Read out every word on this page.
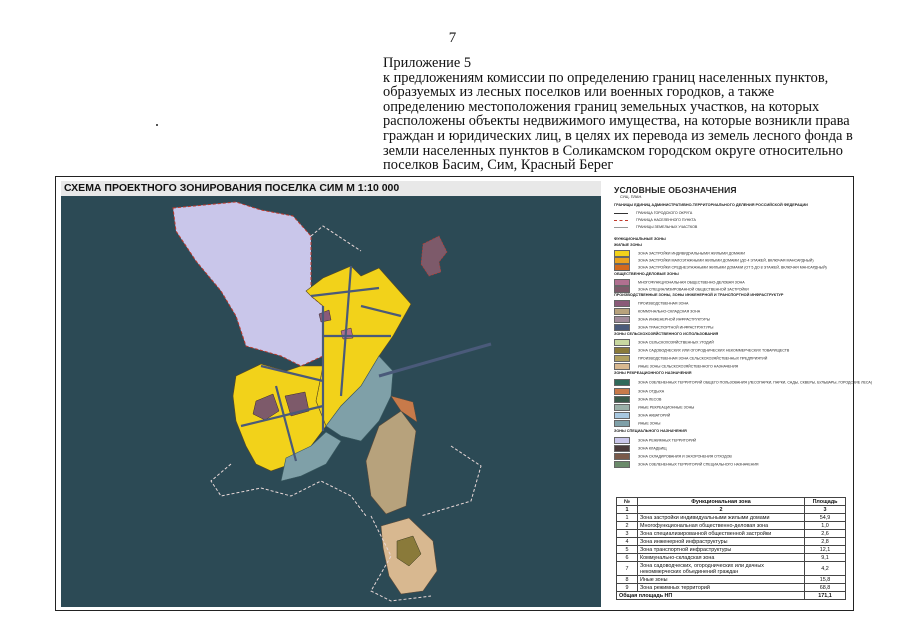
7
Приложение 5
к предложениям комиссии по определению границ населенных пунктов, образуемых из лесных поселков или военных городков, а также определению местоположения границ земельных участков, на которых расположены объекты недвижимого имущества, на которые возникли права граждан и юридических лиц, в целях их перевода из земель лесного фонда в земли населенных пунктов в Соликамском городском округе относительно поселков Басим, Сим, Красный Берег
СХЕМА ПРОЕКТНОГО ЗОНИРОВАНИЯ ПОСЕЛКА СИМ М 1:10 000	УСЛОВНЫЕ ОБОЗНАЧЕНИЯ
СУЩ. ПЛАН.
ГРАНИЦЫ ЕДИНИЦ АДМИНИСТРАТИВНО-ТЕРРИТОРИАЛЬНОГО ДЕЛЕНИЯ РОССИЙСКОЙ ФЕДЕРАЦИИ
ГРАНИЦА ГОРОДСКОГО ОКРУГА
ГРАНИЦА НАСЕЛЕННОГО ПУНКТА
ГРАНИЦЫ ЗЕМЕЛЬНЫХ УЧАСТКОВ
ФУНКЦИОНАЛЬНЫЕ ЗОНЫ
ЖИЛЫЕ ЗОНЫ
ЗОНА ЗАСТРОЙКИ ИНДИВИДУАЛЬНЫМИ ЖИЛЫМИ ДОМАМИ
ЗОНА ЗАСТРОЙКИ МАЛОЭТАЖНЫМИ ЖИЛЫМИ ДОМАМИ (ДО 4 ЭТАЖЕЙ, ВКЛЮЧАЯ МАНСАРДНЫЙ)
ЗОНА ЗАСТРОЙКИ СРЕДНЕЭТАЖНЫМИ ЖИЛЫМИ ДОМАМИ (ОТ 5 ДО 8 ЭТАЖЕЙ, ВКЛЮЧАЯ МАНСАРДНЫЙ)
ОБЩЕСТВЕННО-ДЕЛОВЫЕ ЗОНЫ
МНОГОФУНКЦИОНАЛЬНАЯ ОБЩЕСТВЕННО-ДЕЛОВАЯ ЗОНА
ЗОНА СПЕЦИАЛИЗИРОВАННОЙ ОБЩЕСТВЕННОЙ ЗАСТРОЙКИ
ПРОИЗВОДСТВЕННЫЕ ЗОНЫ, ЗОНЫ ИНЖЕНЕРНОЙ И ТРАНСПОРТНОЙ ИНФРАСТРУКТУР
ПРОИЗВОДСТВЕННАЯ ЗОНА
КОММУНАЛЬНО-СКЛАДСКАЯ ЗОНА
ЗОНА ИНЖЕНЕРНОЙ ИНФРАСТРУКТУРЫ
ЗОНА ТРАНСПОРТНОЙ ИНФРАСТРУКТУРЫ
ЗОНЫ СЕЛЬСКОХОЗЯЙСТВЕННОГО ИСПОЛЬЗОВАНИЯ
ЗОНА СЕЛЬСКОХОЗЯЙСТВЕННЫХ УГОДИЙ
ЗОНА САДОВОДЧЕСКИХ ИЛИ ОГОРОДНИЧЕСКИХ НЕКОММЕРЧЕСКИХ ТОВАРИЩЕСТВ
ПРОИЗВОДСТВЕННАЯ ЗОНА СЕЛЬСКОХОЗЯЙСТВЕННЫХ ПРЕДПРИЯТИЙ
ИНЫЕ ЗОНЫ СЕЛЬСКОХОЗЯЙСТВЕННОГО НАЗНАЧЕНИЯ
ЗОНЫ РЕКРЕАЦИОННОГО НАЗНАЧЕНИЯ
ЗОНА ОЗЕЛЕНЕННЫХ ТЕРРИТОРИЙ ОБЩЕГО ПОЛЬЗОВАНИЯ (ЛЕСОПАРКИ, ПАРКИ, САДЫ, СКВЕРЫ, БУЛЬВАРЫ, ГОРОДСКИЕ ЛЕСА)
ЗОНА ОТДЫХА
ЗОНА ЛЕСОВ
ИНЫЕ РЕКРЕАЦИОННЫЕ ЗОНЫ
ЗОНА АКВАТОРИЙ
ИНЫЕ ЗОНЫ
ЗОНЫ СПЕЦИАЛЬНОГО НАЗНАЧЕНИЯ
ЗОНА РЕЖИМНЫХ ТЕРРИТОРИЙ
ЗОНА КЛАДБИЩ
ЗОНА СКЛАДИРОВАНИЯ И ЗАХОРОНЕНИЯ ОТХОДОВ
ЗОНА ОЗЕЛЕНЕННЫХ ТЕРРИТОРИЙ СПЕЦИАЛЬНОГО НАЗНАЧЕНИЯ
№	Функциональная зона	Площадь
1	2	3
1	Зона застройки индивидуальными жилыми домами	54,9
2	Многофункциональная общественно-деловая зона	1,0
3	Зона специализированной общественной застройки	2,6
4	Зона инженерной инфраструктуры	2,8
5	Зона транспортной инфраструктуры	12,1
6	Коммунально-складская зона	9,1
7	Зона садоводческих, огороднических или дачных некоммерческих объединений граждан	4,2
8	Иные зоны	15,8
9	Зона режимных территорий	68,8
Общая площадь НП		171,1
